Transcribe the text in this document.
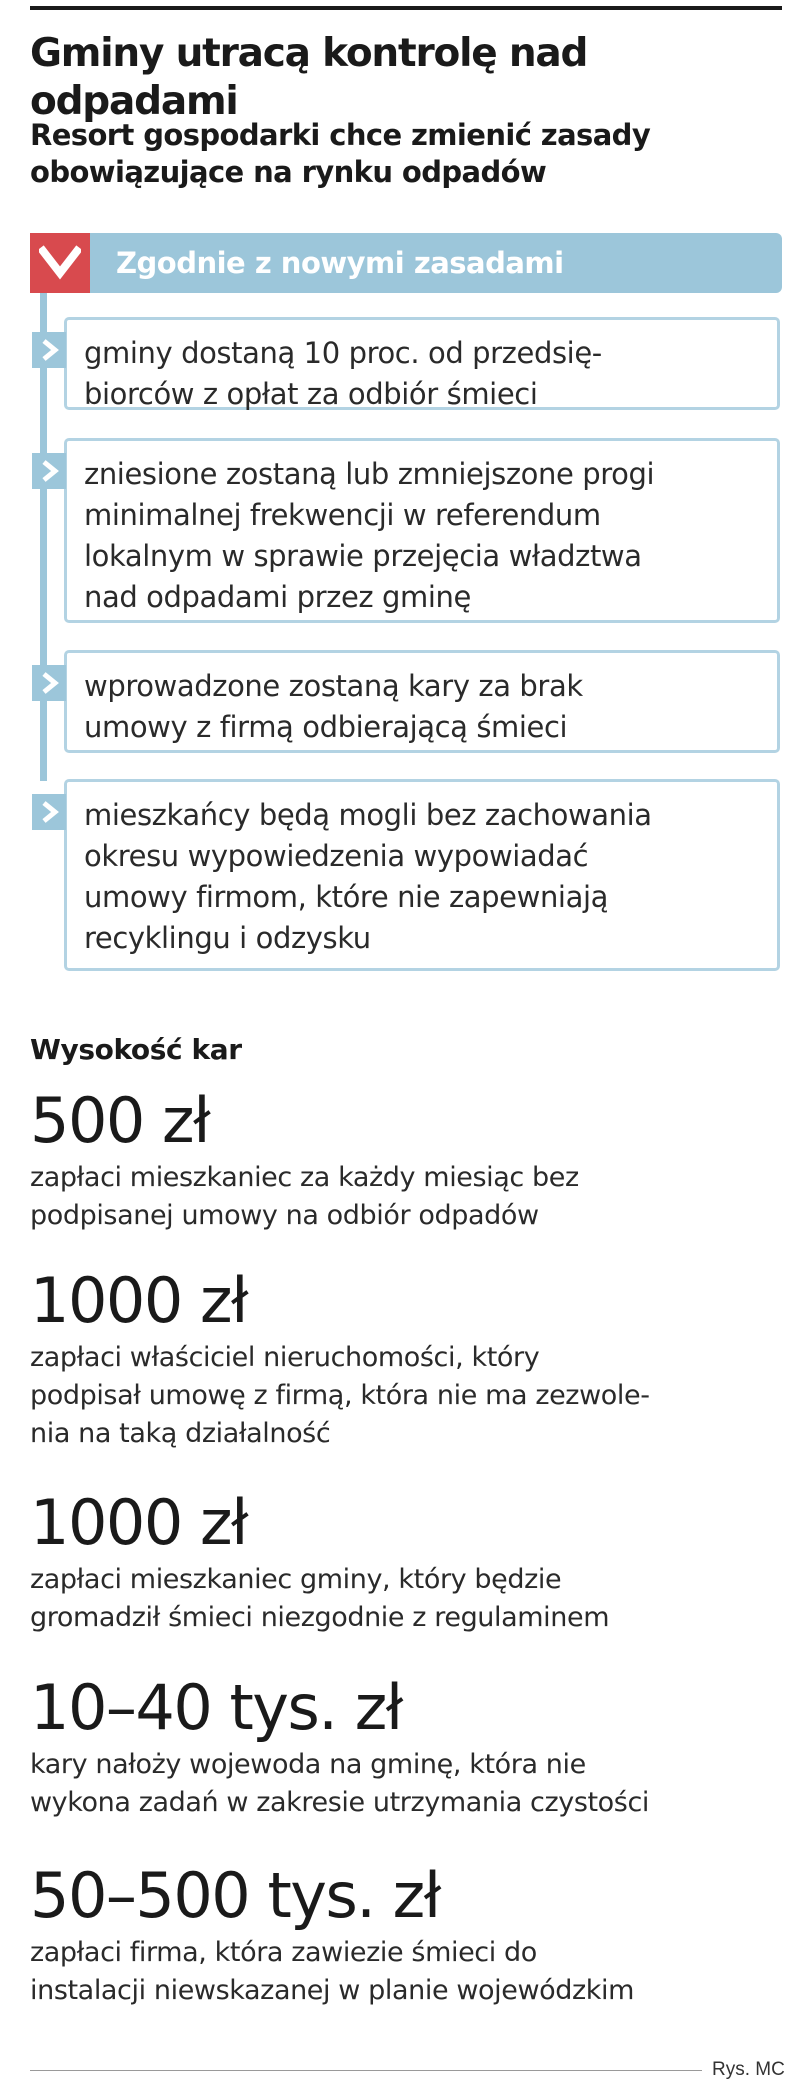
Gminy utracą kontrolę nad odpadami
Resort gospodarki chce zmienić zasady
obowiązujące na rynku odpadów

Zgodnie z nowymi zasadami

gminy dostaną 10 proc. od przedsię-
biorców z opłat za odbiór śmieci
zniesione zostaną lub zmniejszone progi
minimalnej frekwencji w referendum
lokalnym w sprawie przejęcia władztwa
nad odpadami przez gminę
wprowadzone zostaną kary za brak
umowy z firmą odbierającą śmieci
mieszkańcy będą mogli bez zachowania
okresu wypowiedzenia wypowiadać
umowy firmom, które nie zapewniają
recyklingu i odzysku
Wysokość kar
500 zł
zapłaci mieszkaniec za każdy miesiąc bez
podpisanej umowy na odbiór odpadów
1000 zł
zapłaci właściciel nieruchomości, który
podpisał umowę z firmą, która nie ma zezwole-
nia na taką działalność
1000 zł
zapłaci mieszkaniec gminy, który będzie
gromadził śmieci niezgodnie z regulaminem
10–40 tys. zł
kary nałoży wojewoda na gminę, która nie
wykona zadań w zakresie utrzymania czystości
50–500 tys. zł
zapłaci firma, która zawiezie śmieci do
instalacji niewskazanej w planie wojewódzkim
Rys. MC
